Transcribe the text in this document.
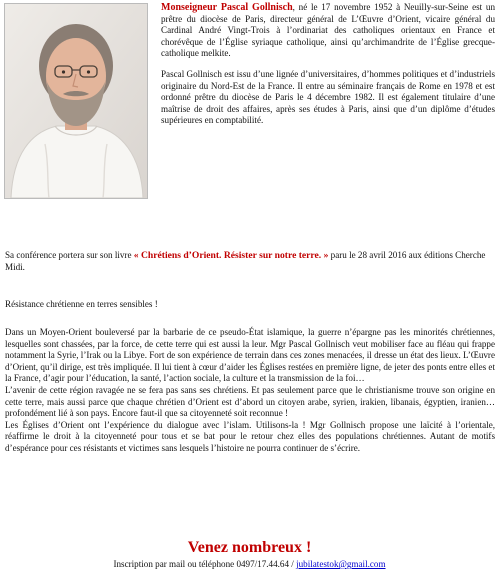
Monseigneur Pascal Gollnisch, né le 17 novembre 1952 à Neuilly-sur-Seine est un prêtre du diocèse de Paris, directeur général de L’Œuvre d’Orient, vicaire général du Cardinal André Vingt-Trois à l’ordinariat des catholiques orientaux en France et chorévêque de l’Église syriaque catholique, ainsi qu’archimandrite de l’Église grecque-catholique melkite.

Pascal Gollnisch est issu d’une lignée d’universitaires, d’hommes politiques et d’industriels originaire du Nord-Est de la France. Il entre au séminaire français de Rome en 1978 et est ordonné prêtre du diocèse de Paris le 4 décembre 1982. Il est également titulaire d’une maîtrise de droit des affaires, après ses études à Paris, ainsi que d’un diplôme d’études supérieures en comptabilité.

Sa conférence portera sur son livre « Chrétiens d’Orient. Résister sur notre terre. » paru le 28 avril 2016 aux éditions Cherche Midi.
Résistance chrétienne en terres sensibles !

Dans un Moyen-Orient bouleversé par la barbarie de ce pseudo-État islamique, la guerre n’épargne pas les minorités chrétiennes, lesquelles sont chassées, par la force, de cette terre qui est aussi la leur. Mgr Pascal Gollnisch veut mobiliser face au fléau qui frappe notamment la Syrie, l’Irak ou la Libye. Fort de son expérience de terrain dans ces zones menacées, il dresse un état des lieux. L’Œuvre d’Orient, qu’il dirige, est très impliquée. Il lui tient à cœur d’aider les Églises restées en première ligne, de jeter des ponts entre elles et la France, d’agir pour l’éducation, la santé, l’action sociale, la culture et la transmission de la foi…

L’avenir de cette région ravagée ne se fera pas sans ses chrétiens. Et pas seulement parce que le christianisme trouve son origine en cette terre, mais aussi parce que chaque chrétien d’Orient est d’abord un citoyen arabe, syrien, irakien, libanais, égyptien, iranien… profondément lié à son pays. Encore faut-il que sa citoyenneté soit reconnue !

Les Églises d’Orient ont l’expérience du dialogue avec l’islam. Utilisons-la ! Mgr Gollnisch propose une laïcité à l’orientale, réaffirme le droit à la citoyenneté pour tous et se bat pour le retour chez elles des populations chrétiennes. Autant de motifs d’espérance pour ces résistants et victimes sans lesquels l’histoire ne pourra continuer de s’écrire.

Venez nombreux !
Inscription par mail ou téléphone 0497/17.44.64 / jubilatestok@gmail.com
